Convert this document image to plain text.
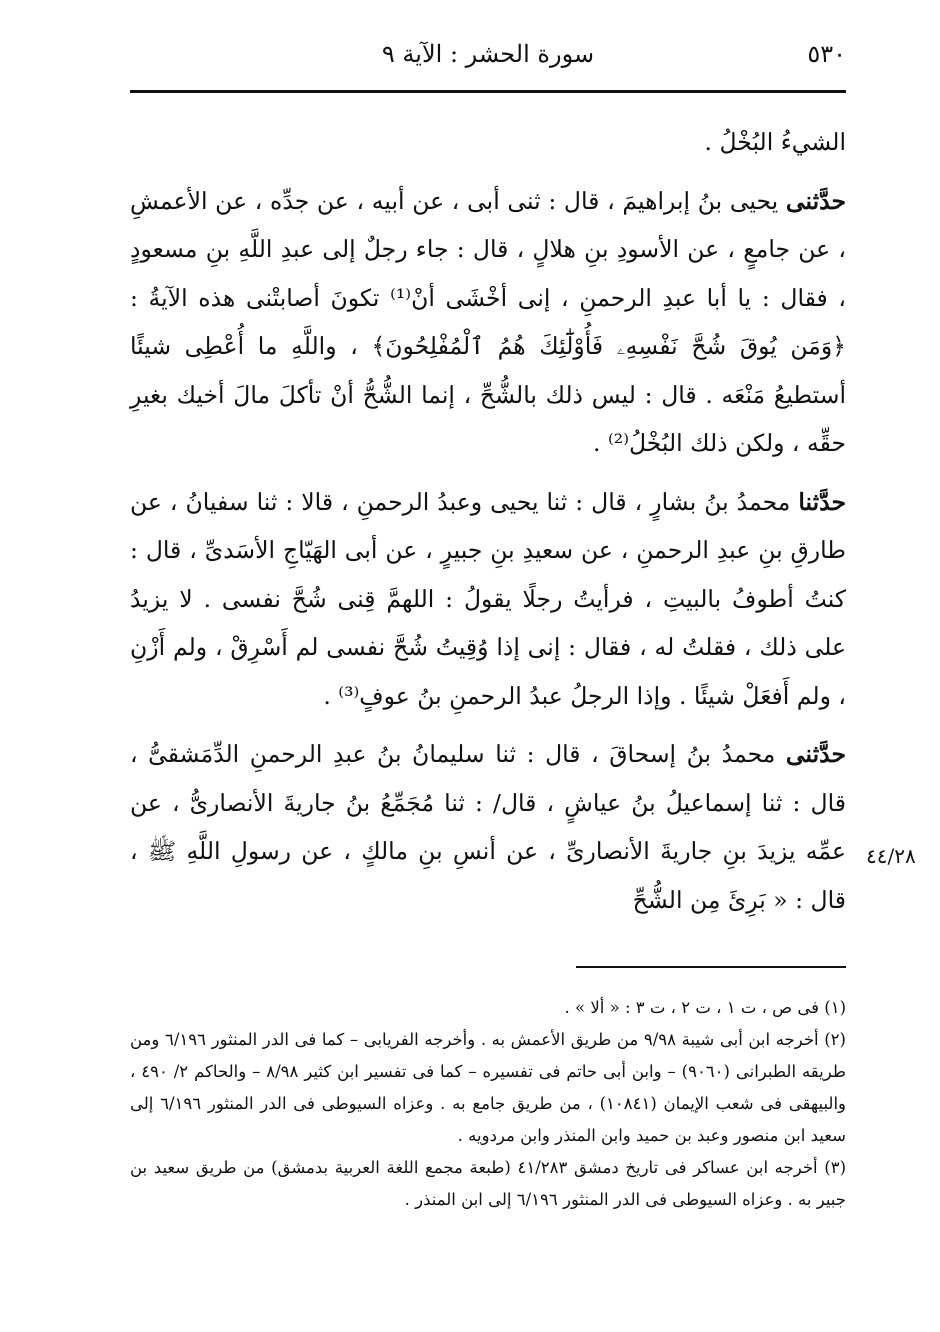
٥٣٠
سورة الحشر : الآية ٩

الشيءُ البُخْلُ .

حدَّثنى يحيى بنُ إبراهيمَ ، قال : ثنى أبى ، عن أبيه ، عن جدِّه ، عن الأعمشِ ، عن جامعٍ ، عن الأسودِ بنِ هلالٍ ، قال : جاء رجلٌ إلى عبدِ اللَّهِ بنِ مسعودٍ ، فقال : يا أبا عبدِ الرحمنِ ، إنى أخْشَى أنْ⁽¹⁾ تكونَ أصابتْنى هذه الآيةُ : ﴿وَمَن يُوقَ شُحَّ نَفْسِهِۦ فَأُوْلَٰٓئِكَ هُمُ ٱلْمُفْلِحُونَ﴾ ، واللَّهِ ما أُعْطِى شيئًا أستطيعُ مَنْعَه . قال : ليس ذلك بالشُّحِّ ، إنما الشُّحُّ أنْ تأكلَ مالَ أخيك بغيرِ حقِّه ، ولكن ذلك البُخْلُ⁽²⁾ .

حدَّثنا محمدُ بنُ بشارٍ ، قال : ثنا يحيى وعبدُ الرحمنِ ، قالا : ثنا سفيانُ ، عن طارقِ بنِ عبدِ الرحمنِ ، عن سعيدِ بنِ جبيرٍ ، عن أبى الهَيّاجِ الأسَدىِّ ، قال : كنتُ أطوفُ بالبيتِ ، فرأيتُ رجلًا يقولُ : اللهمَّ قِنى شُحَّ نفسى . لا يزيدُ على ذلك ، فقلتُ له ، فقال : إنى إذا وُقِيتُ شُحَّ نفسى لم أَسْرِقْ ، ولم أَزْنِ ، ولم أَفعَلْ شيئًا . وإذا الرجلُ عبدُ الرحمنِ بنُ عوفٍ⁽³⁾ .

حدَّثنى محمدُ بنُ إسحاقَ ، قال : ثنا سليمانُ بنُ عبدِ الرحمنِ الدِّمَشقىُّ ، قال : ثنا إسماعيلُ بنُ عياشٍ ، قال/ : ثنا مُجَمِّعُ بنُ جاريةَ الأنصارىُّ ، عن عمِّه يزيدَ بنِ جاريةَ الأنصارىِّ ، عن أنسِ بنِ مالكٍ ، عن رسولِ اللَّهِ ﷺ ، قال : « بَرِئَ مِن الشُّحِّ

٤٤/٢٨

(١) فى ص ، ت ١ ، ت ٢ ، ت ٣ : « ألا » .

(٢) أخرجه ابن أبى شيبة ٩/٩٨ من طريق الأعمش به . وأخرجه الفريابى – كما فى الدر المنثور ٦/١٩٦ ومن طريقه الطبرانى (٩٠٦٠) – وابن أبى حاتم فى تفسيره – كما فى تفسير ابن كثير ٨/٩٨ – والحاكم ٢/ ٤٩٠ ، والبيهقى فى شعب الإيمان (١٠٨٤١) ، من طريق جامع به . وعزاه السيوطى فى الدر المنثور ٦/١٩٦ إلى سعيد ابن منصور وعبد بن حميد وابن المنذر وابن مردويه .

(٣) أخرجه ابن عساكر فى تاريخ دمشق ٤١/٢٨٣ (طبعة مجمع اللغة العربية بدمشق) من طريق سعيد بن جبير به . وعزاه السيوطى فى الدر المنثور ٦/١٩٦ إلى ابن المنذر .
